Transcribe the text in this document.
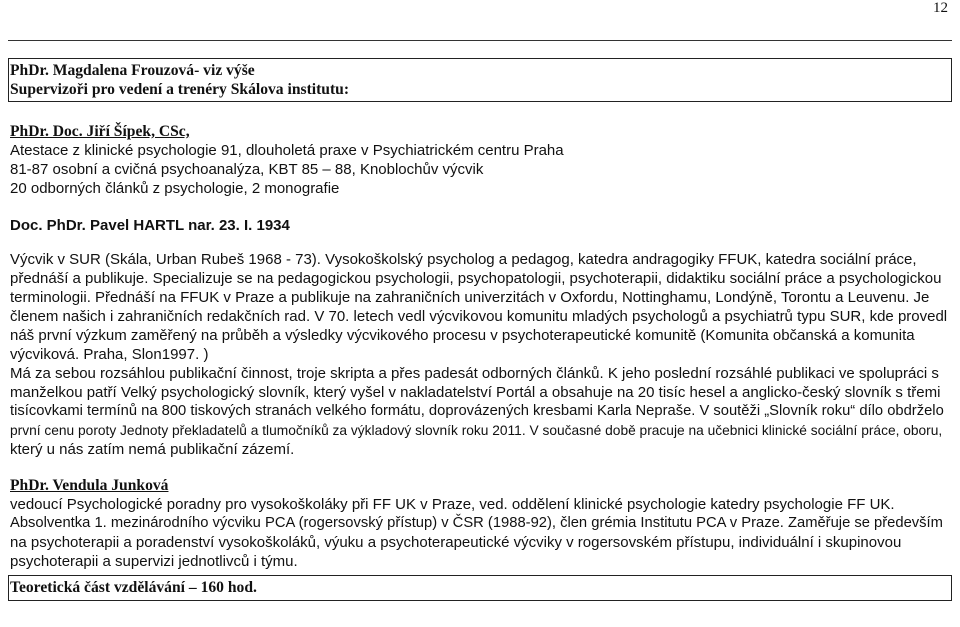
12
PhDr. Magdalena Frouzová- viz výše
Supervizoři pro vedení a trenéry Skálova institutu:
PhDr. Doc. Jiří Šípek, CSc,
Atestace z klinické psychologie 91, dlouholetá praxe v Psychiatrickém centru Praha
81-87 osobní a cvičná psychoanalýza, KBT 85 – 88, Knoblochův výcvik
20 odborných článků z psychologie, 2 monografie
Doc. PhDr. Pavel HARTL nar. 23. I. 1934
Výcvik v SUR (Skála, Urban Rubeš 1968 - 73). Vysokoškolský psycholog a pedagog, katedra andragogiky FFUK, katedra sociální práce,
přednáší a publikuje. Specializuje se na pedagogickou psychologii, psychopatologii, psychoterapii, didaktiku sociální práce a psychologickou
terminologii. Přednáší na FFUK v Praze a publikuje na zahraničních univerzitách v Oxfordu, Nottinghamu, Londýně, Torontu a Leuvenu. Je
členem našich i zahraničních redakčních rad. V 70. letech vedl výcvikovou komunitu mladých psychologů a psychiatrů typu SUR, kde provedl
náš první výzkum zaměřený na průběh a výsledky výcvikového procesu v psychoterapeutické komunitě (Komunita občanská a komunita
výcviková. Praha, Slon1997. )
Má za sebou rozsáhlou publikační činnost, troje skripta a přes padesát odborných článků. K jeho poslední rozsáhlé publikaci ve spolupráci s
manželkou patří Velký psychologický slovník, který vyšel v nakladatelství Portál a obsahuje na 20 tisíc hesel a anglicko-český slovník s třemi
tisícovkami termínů na 800 tiskových stranách velkého formátu, doprovázených kresbami Karla Nepraše. V soutěži „Slovník roku“ dílo obdrželo
první cenu poroty Jednoty překladatelů a tlumočníků za výkladový slovník roku 2011. V současné době pracuje na učebnici klinické sociální práce, oboru,
který u nás zatím nemá publikační zázemí.
PhDr. Vendula Junková
vedoucí Psychologické poradny pro vysokoškoláky při FF UK v Praze, ved. oddělení klinické psychologie katedry psychologie FF UK.
Absolventka 1. mezinárodního výcviku PCA (rogersovský přístup) v ČSR (1988-92), člen grémia Institutu PCA v Praze. Zaměřuje se především
na psychoterapii a poradenství vysokoškoláků, výuku a psychoterapeutické výcviky v rogersovském přístupu, individuální i skupinovou
psychoterapii a supervizi jednotlivců i týmu.
Teoretická část vzdělávání – 160 hod.
